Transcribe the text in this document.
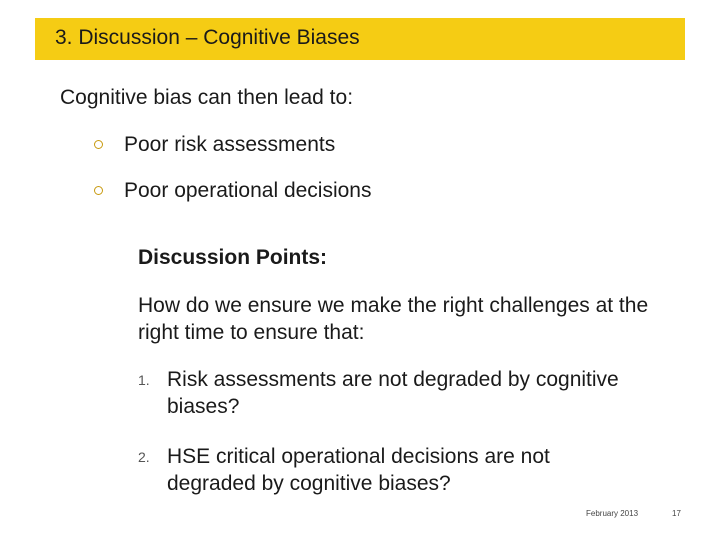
3. Discussion – Cognitive Biases
Cognitive bias can then lead to:
Poor risk assessments
Poor operational decisions
Discussion Points:
How do we ensure we make the right challenges at the right time to ensure that:
1. Risk assessments are not degraded by cognitive biases?
2. HSE critical operational decisions are not degraded by cognitive biases?
February 2013	17
